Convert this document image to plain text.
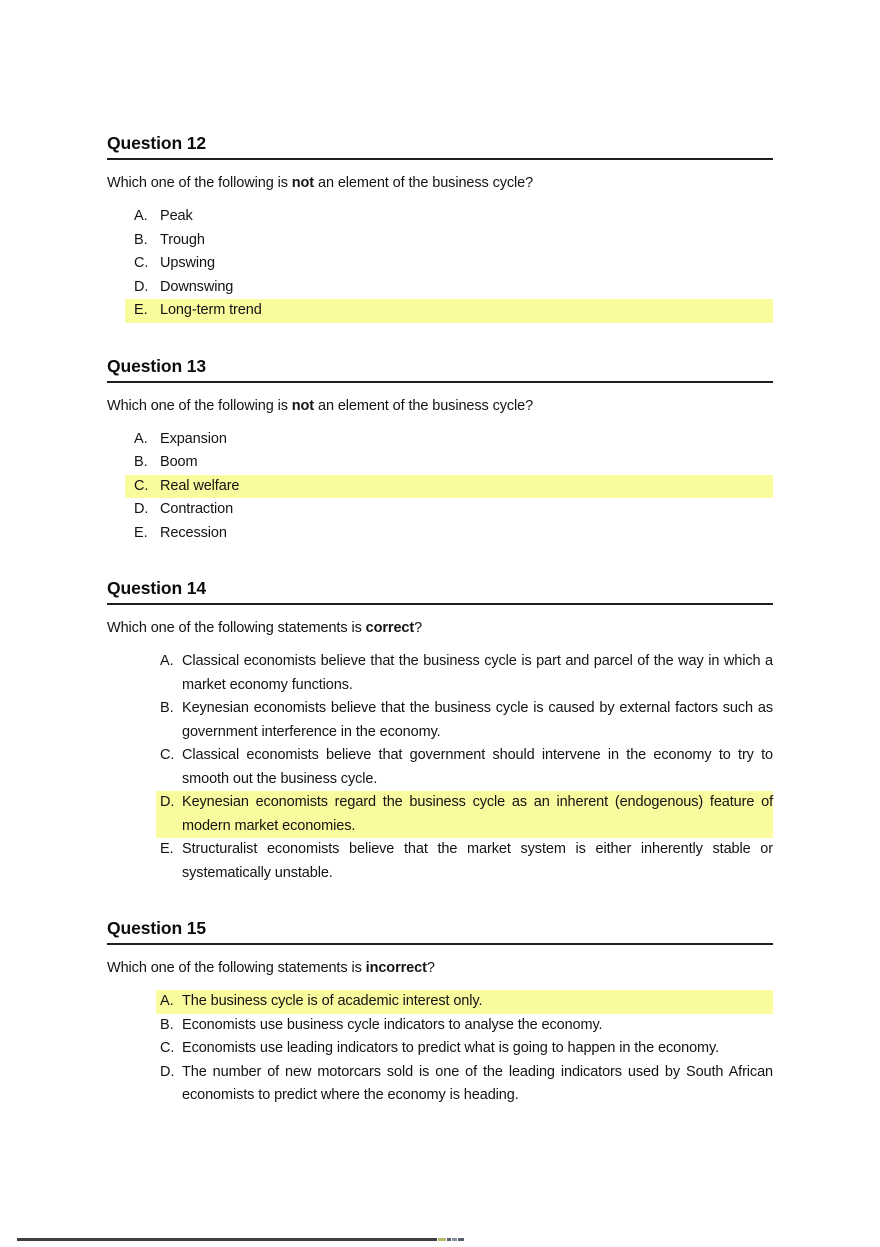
Question 12

Which one of the following is not an element of the business cycle?

A. Peak
B. Trough
C. Upswing
D. Downswing
E. Long-term trend
Question 13

Which one of the following is not an element of the business cycle?

A. Expansion
B. Boom
C. Real welfare
D. Contraction
E. Recession
Question 14

Which one of the following statements is correct?

A. Classical economists believe that the business cycle is part and parcel of the way in which a market economy functions.
B. Keynesian economists believe that the business cycle is caused by external factors such as government interference in the economy.
C. Classical economists believe that government should intervene in the economy to try to smooth out the business cycle.
D. Keynesian economists regard the business cycle as an inherent (endogenous) feature of modern market economies.
E. Structuralist economists believe that the market system is either inherently stable or systematically unstable.
Question 15

Which one of the following statements is incorrect?

A. The business cycle is of academic interest only.
B. Economists use business cycle indicators to analyse the economy.
C. Economists use leading indicators to predict what is going to happen in the economy.
D. The number of new motorcars sold is one of the leading indicators used by South African economists to predict where the economy is heading.
